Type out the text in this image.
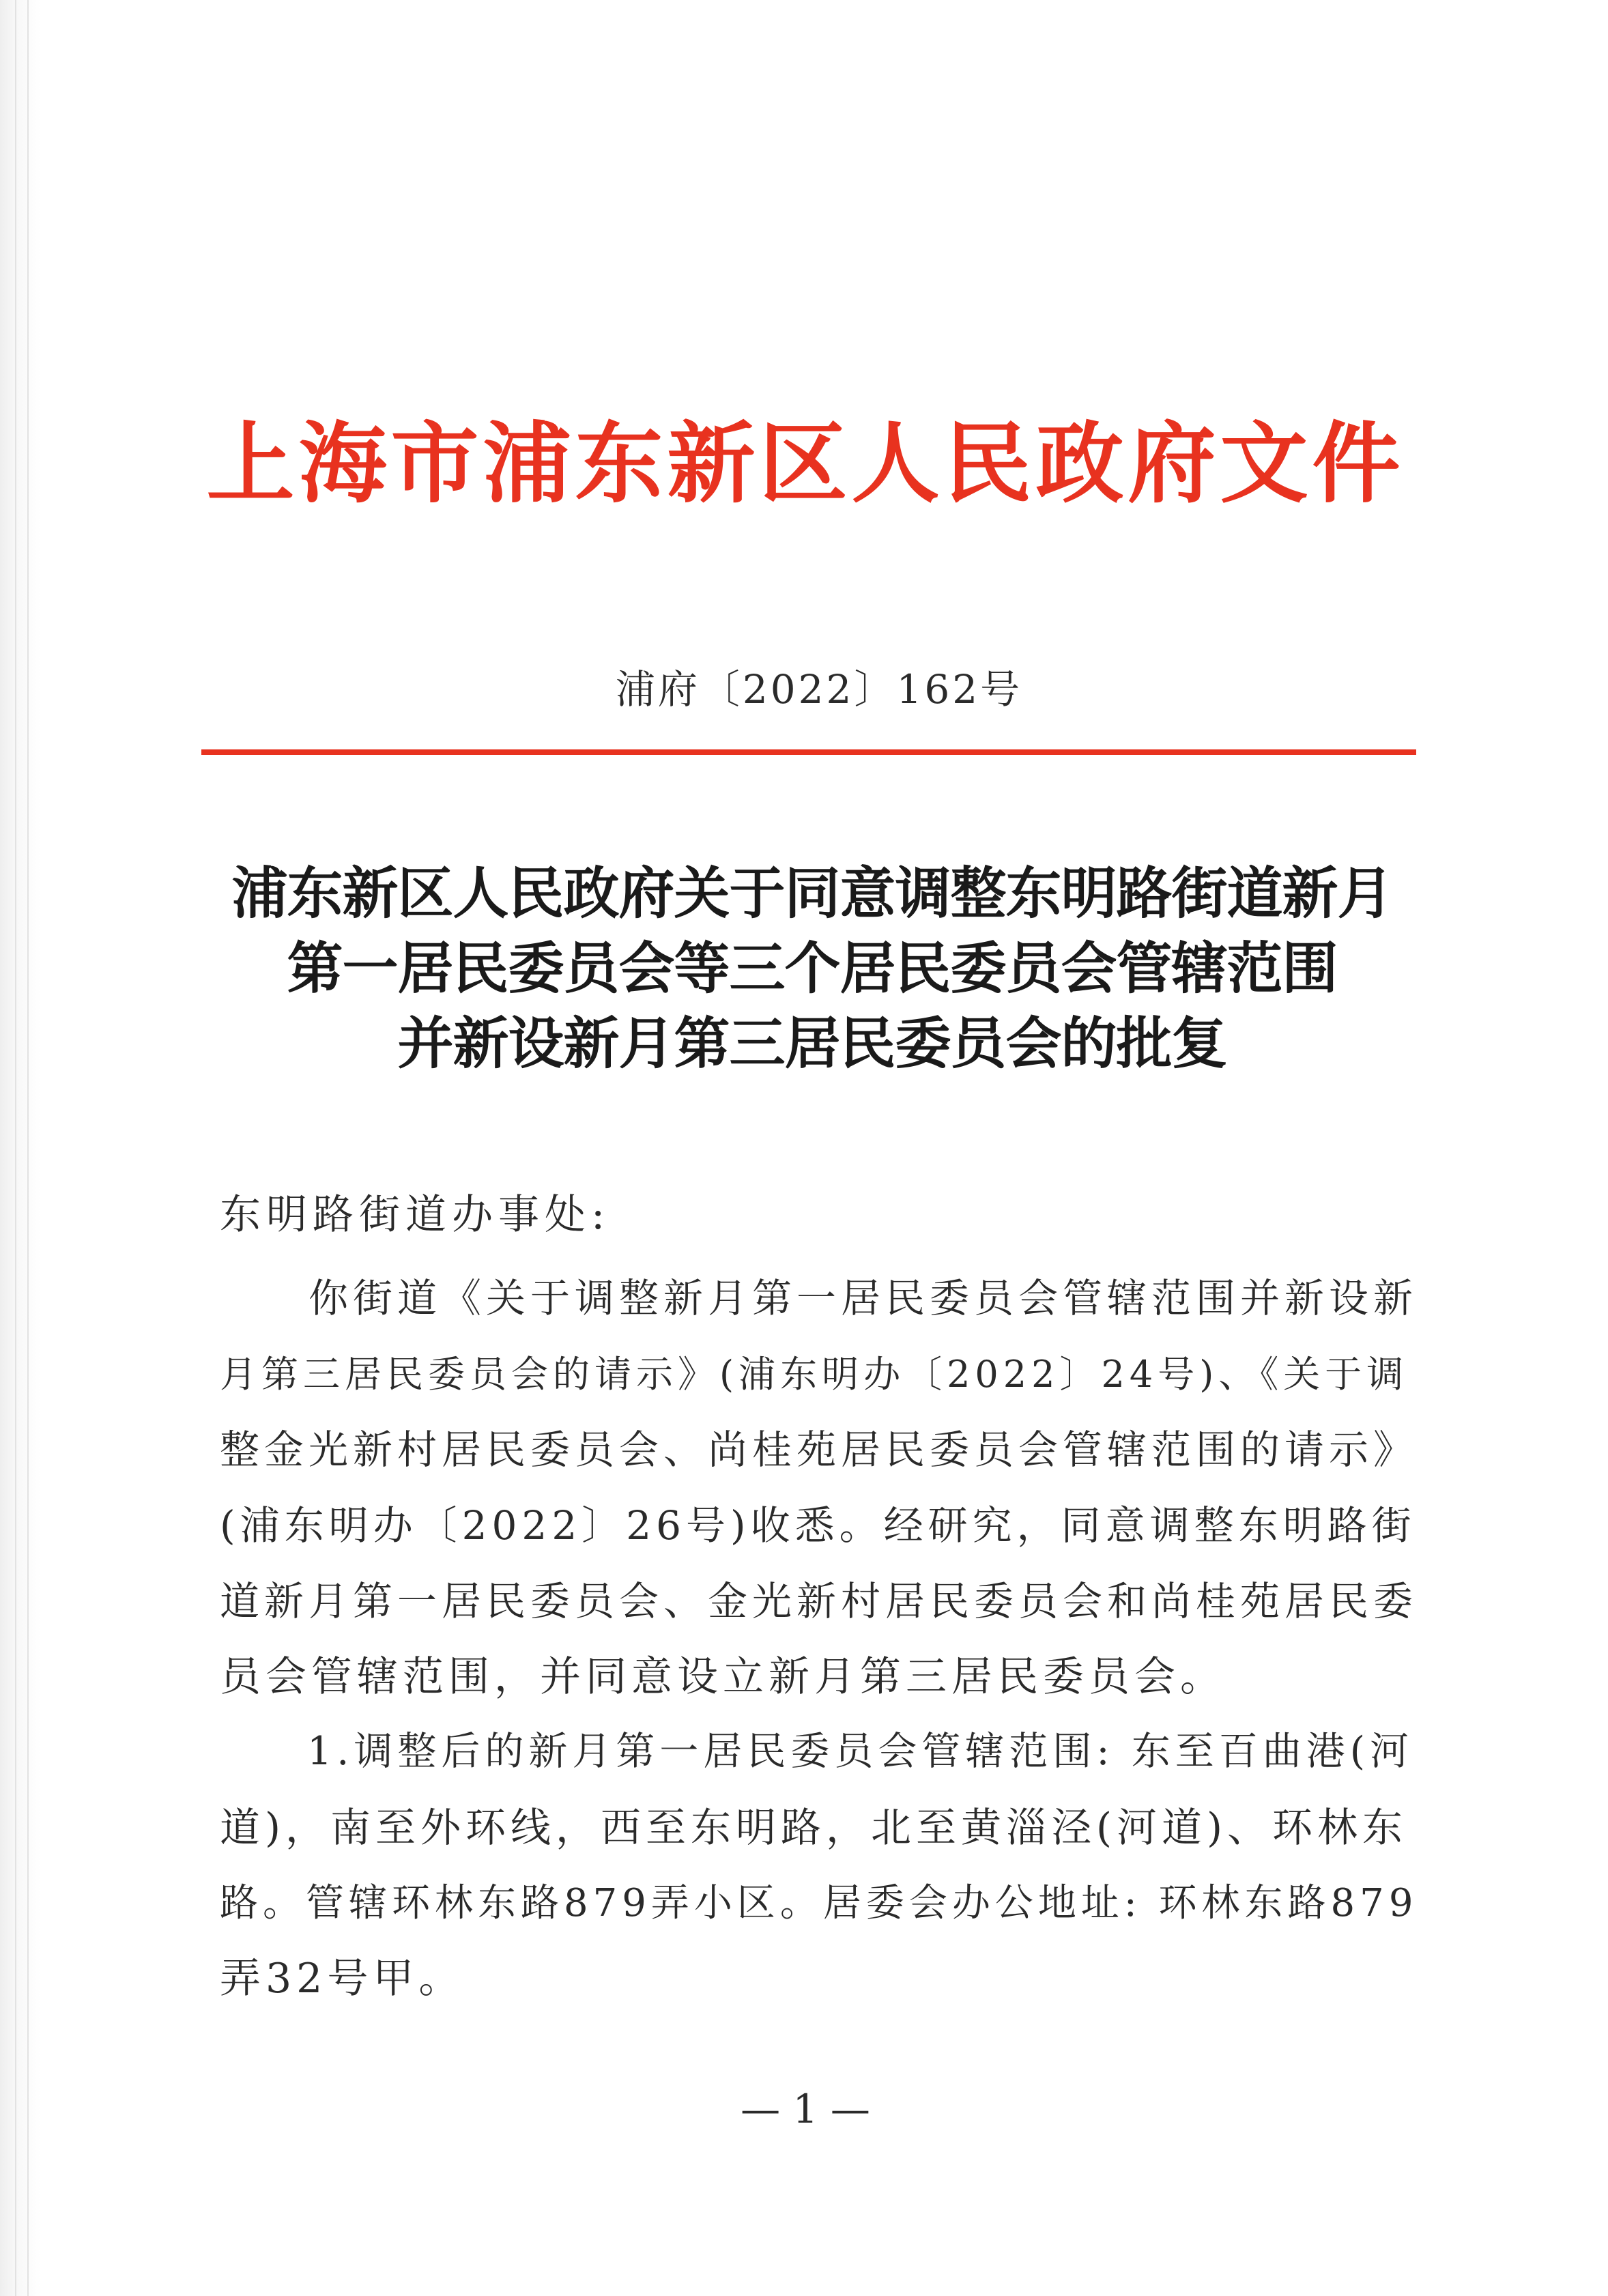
上海市浦东新区人民政府文件
浦府〔2022〕162号
浦东新区人民政府关于同意调整东明路街道新月
第一居民委员会等三个居民委员会管辖范围
并新设新月第三居民委员会的批复
东明路街道办事处:
　　你街道《关于调整新月第一居民委员会管辖范围并新设新
月第三居民委员会的请示》(浦东明办〔2022〕24号)、《关于调
整金光新村居民委员会、尚桂苑居民委员会管辖范围的请示》
(浦东明办〔2022〕26号)收悉。经研究，同意调整东明路街
道新月第一居民委员会、金光新村居民委员会和尚桂苑居民委
员会管辖范围，并同意设立新月第三居民委员会。
　　1.调整后的新月第一居民委员会管辖范围: 东至百曲港(河
道)，南至外环线，西至东明路，北至黄淄泾(河道)、环林东
路。管辖环林东路879弄小区。居委会办公地址: 环林东路879
弄32号甲。
— 1 —
